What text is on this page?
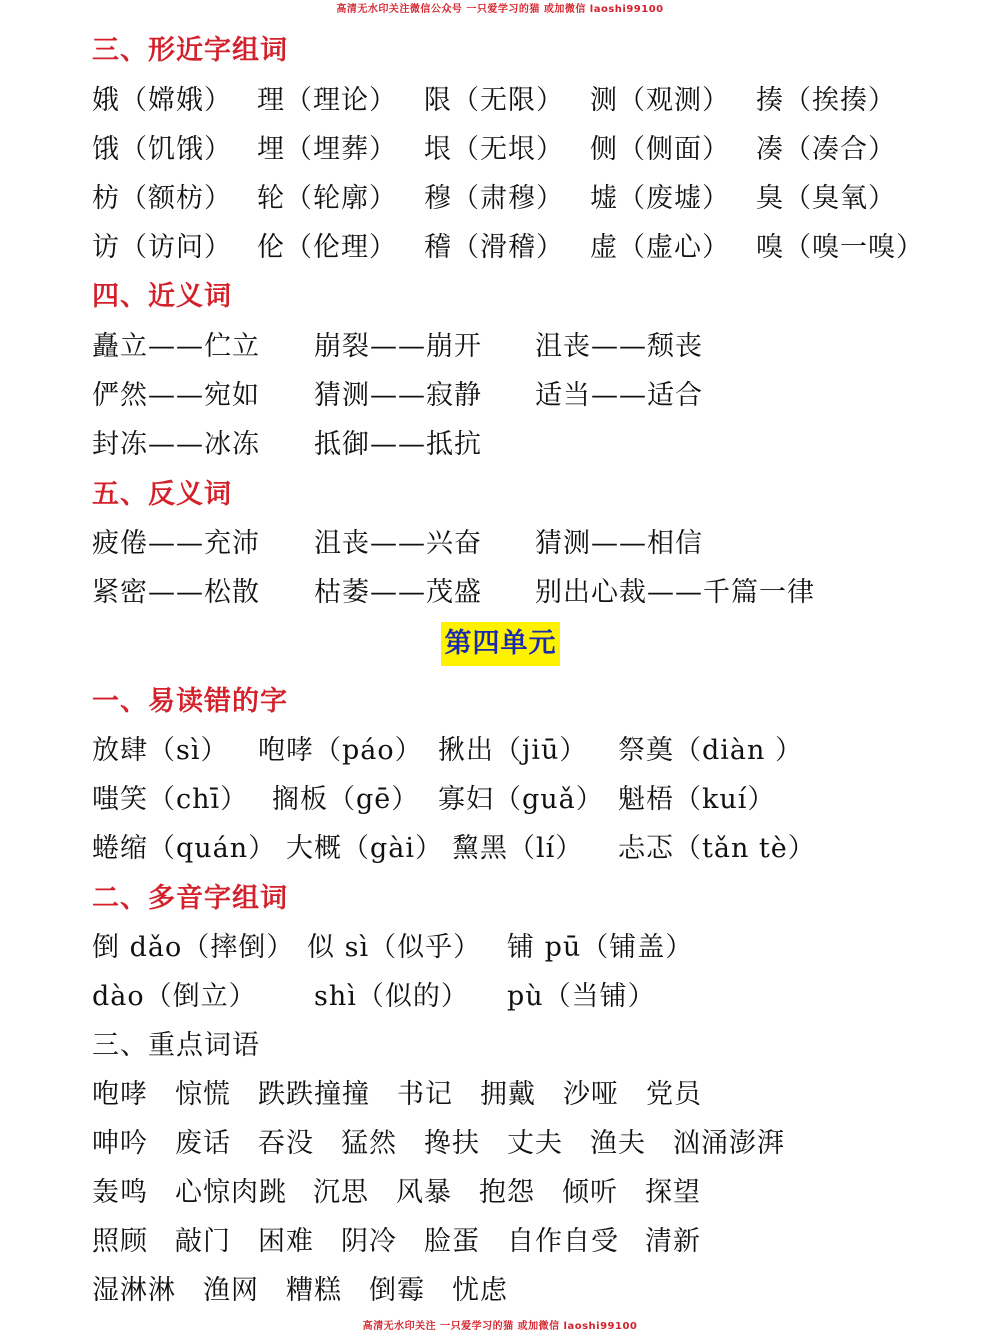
高清无水印关注微信公众号 一只爱学习的猫 或加微信 laoshi99100
三、形近字组词
娥（嫦娥） 理（理论） 限（无限） 测（观测） 揍（挨揍）
饿（饥饿） 埋（埋葬） 垠（无垠） 侧（侧面） 凑（凑合）
枋（额枋） 轮（轮廓） 穆（肃穆） 墟（废墟） 臭（臭氧）
访（访问） 伦（伦理） 稽（滑稽） 虚（虚心） 嗅（嗅一嗅）
四、近义词
矗立——伫立 崩裂——崩开 沮丧——颓丧
俨然——宛如 猜测——寂静 适当——适合
封冻——冰冻 抵御——抵抗
五、反义词
疲倦——充沛 沮丧——兴奋 猜测——相信
紧密——松散 枯萎——茂盛 别出心裁——千篇一律
第四单元
一、易读错的字
放肆（sì） 咆哮（páo） 揪出（jiū） 祭奠（diàn ）
嗤笑（chī） 搁板（gē） 寡妇（guǎ） 魁梧（kuí）
蜷缩（quán） 大概（gài） 黧黑（lí） 忐忑（tǎn tè）
二、多音字组词
倒 dǎo（摔倒） 似 sì（似乎） 铺 pū（铺盖）
dào（倒立） shì（似的） pù（当铺）
三、重点词语
咆哮 惊慌 跌跌撞撞 书记 拥戴 沙哑 党员
呻吟 废话 吞没 猛然 搀扶 丈夫 渔夫 汹涌澎湃
轰鸣 心惊肉跳 沉思 风暴 抱怨 倾听 探望
照顾 敲门 困难 阴冷 脸蛋 自作自受 清新
湿淋淋 渔网 糟糕 倒霉 忧虑
高清无水印关注 一只爱学习的猫 或加微信 laoshi99100
